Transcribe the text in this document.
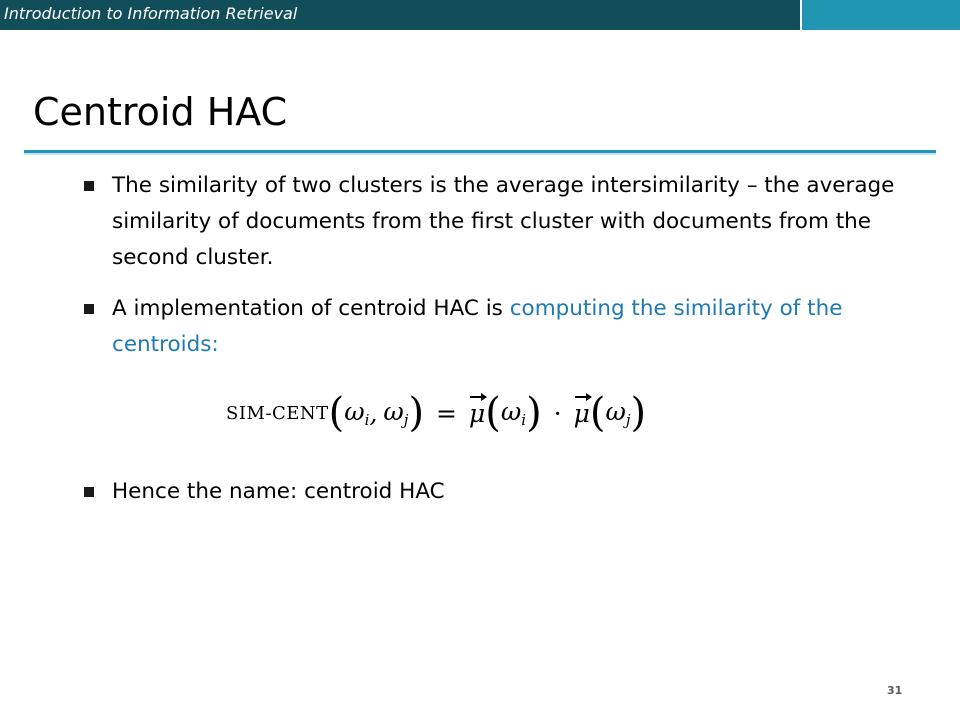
Introduction to Information Retrieval
Centroid HAC
The similarity of two clusters is the average intersimilarity – the average similarity of documents from the first cluster with documents from the second cluster.
A implementation of centroid HAC is computing the similarity of the centroids:
SIM-CENT ( $\omega_i$ , $\omega_j$ ) = μ ( $\omega_i$ ) · μ ( $\omega_j$ )
Hence the name: centroid HAC
31
